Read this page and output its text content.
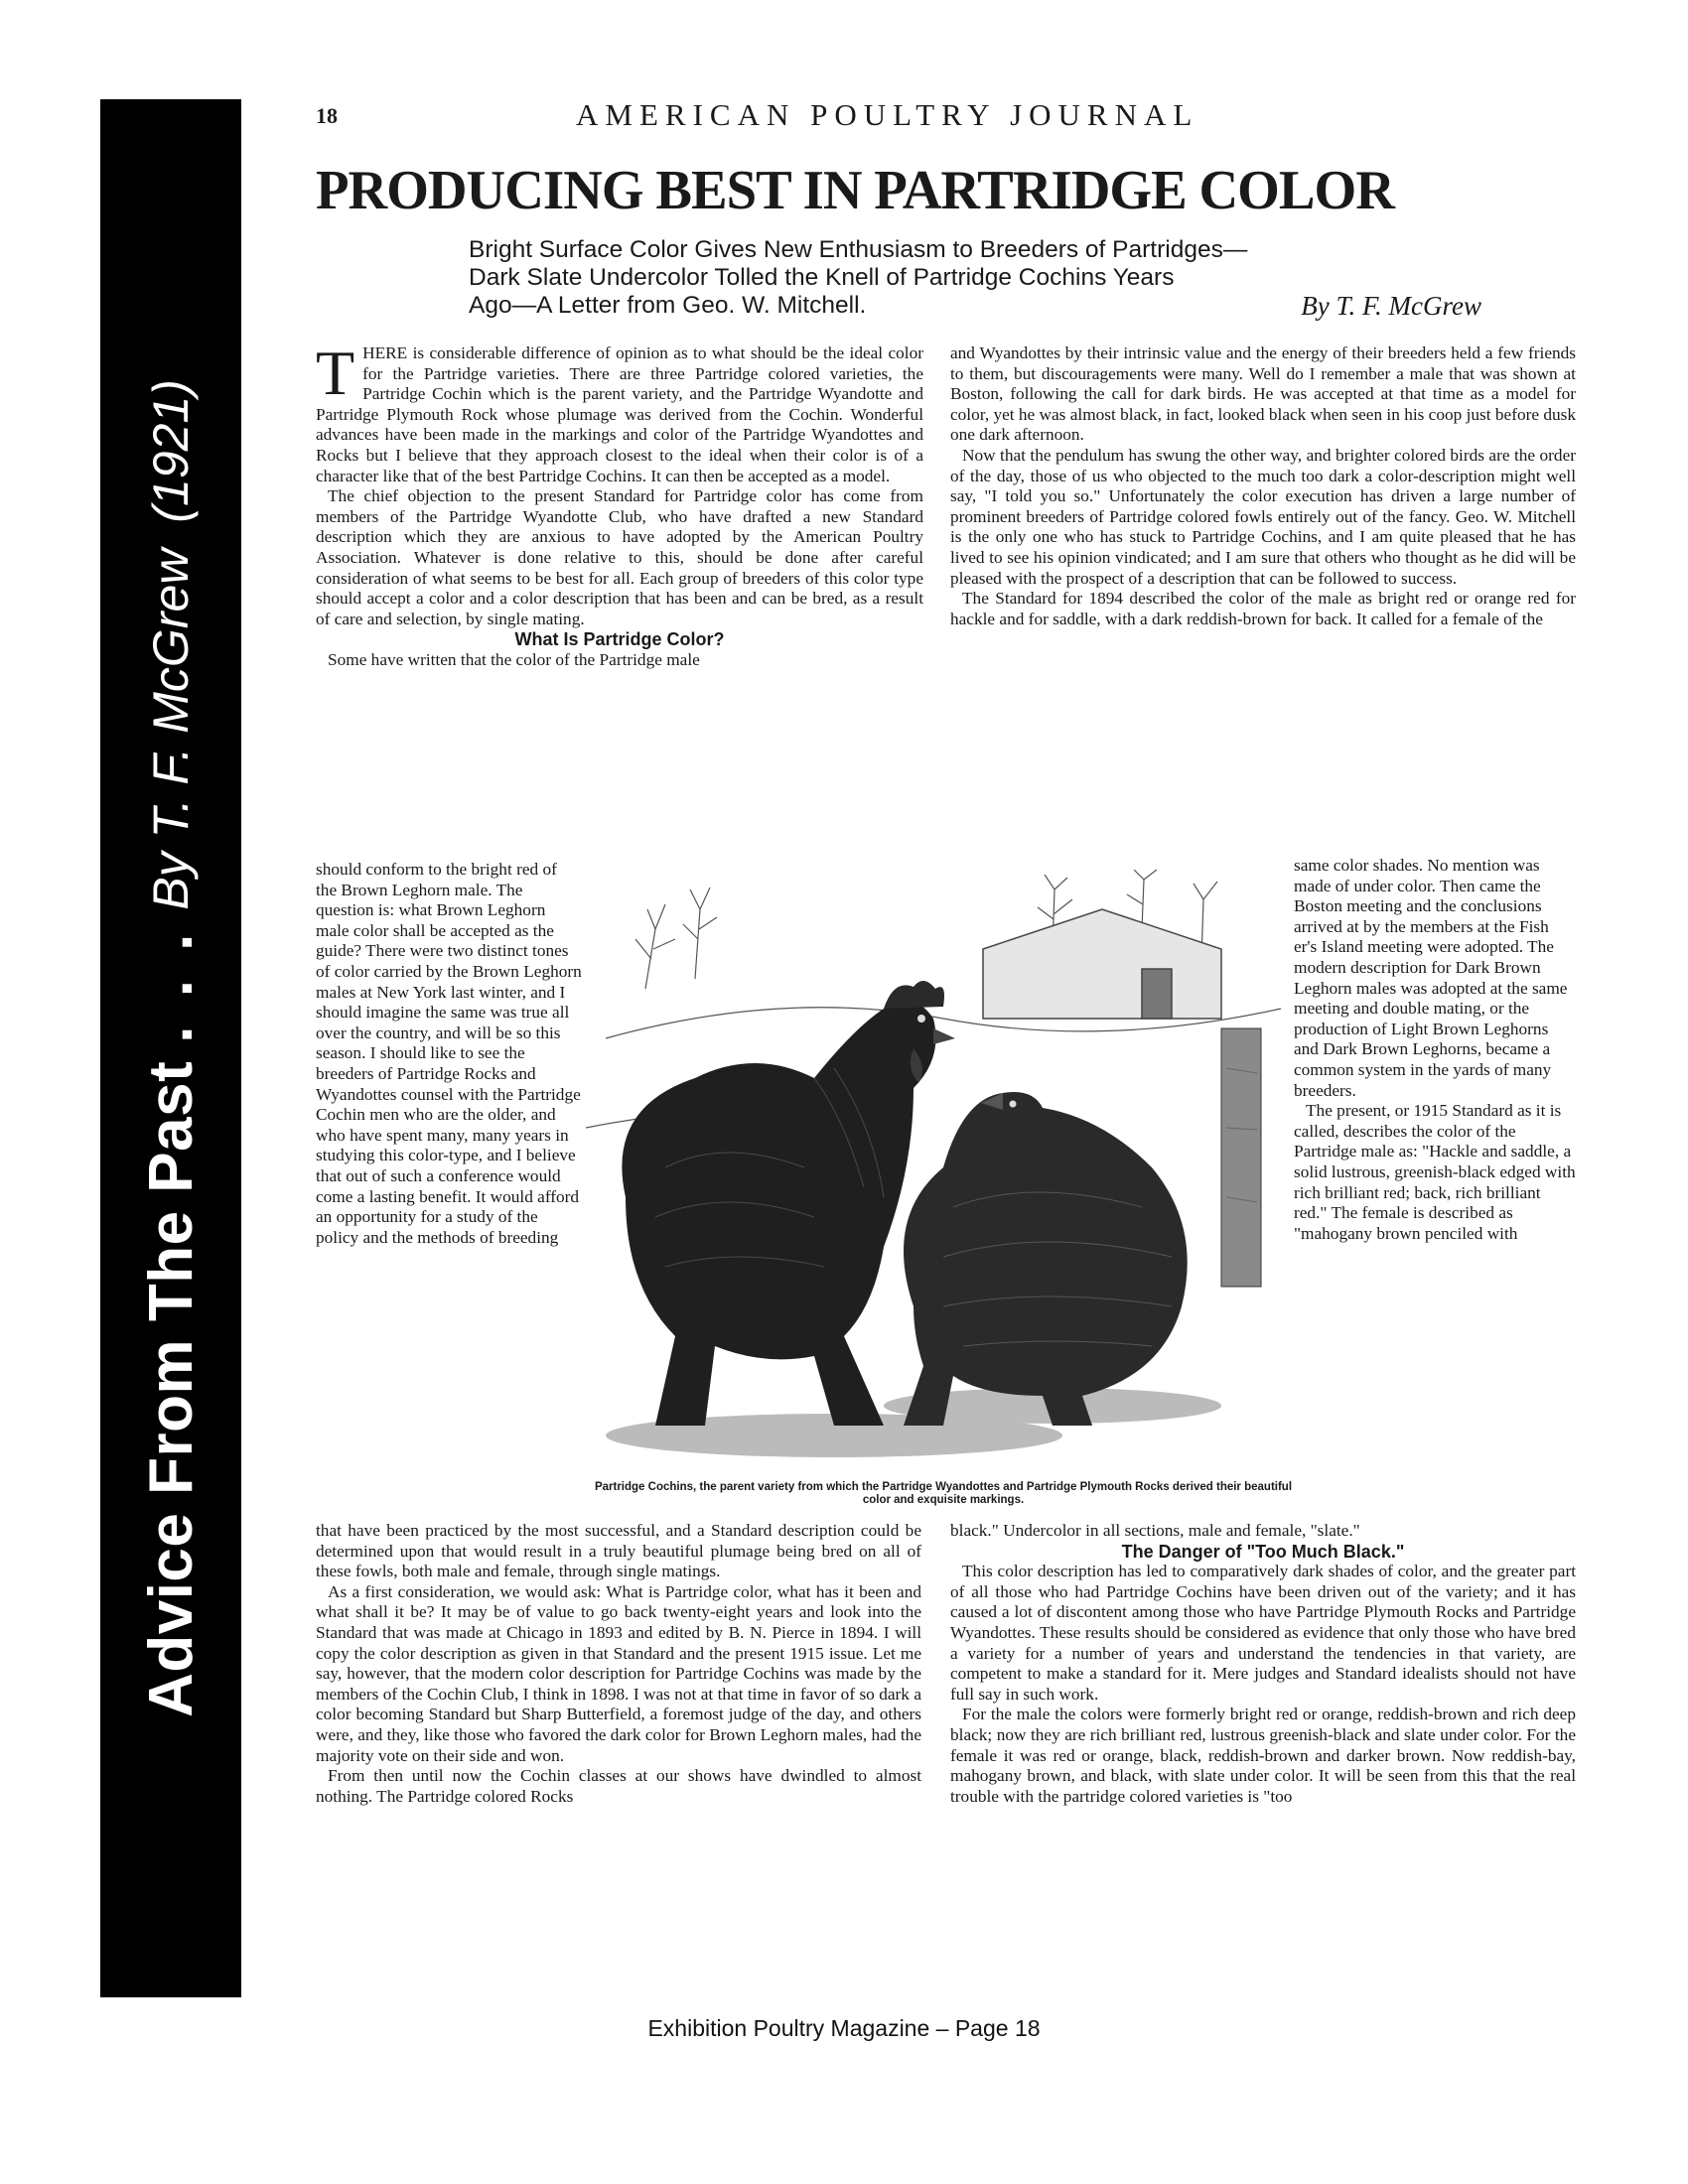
Advice From The Past
. . .
By T. F. McGrew
(1921)
18	AMERICAN POULTRY JOURNAL
PRODUCING BEST IN PARTRIDGE COLOR
Bright Surface Color Gives New Enthusiasm to Breeders of Partridges—
Dark Slate Undercolor Tolled the Knell of Partridge Cochins Years
Ago—A Letter from Geo. W. Mitchell.	By T. F. McGrew

THERE is considerable difference of opinion as to what should be the ideal color for the Partridge varieties. There are three Partridge colored varieties, the Partridge Cochin which is the parent variety, and the Partridge Wyandotte and Partridge Plymouth Rock whose plumage was derived from the Cochin. Wonderful advances have been made in the markings and color of the Partridge Wyandottes and Rocks but I believe that they approach closest to the ideal when their color is of a character like that of the best Partridge Cochins. It can then be accepted as a model.

The chief objection to the present Standard for Partridge color has come from members of the Partridge Wyandotte Club, who have drafted a new Standard description which they are anxious to have adopted by the American Poultry Association. Whatever is done relative to this, should be done after careful consideration of what seems to be best for all. Each group of breeders of this color type should accept a color and a color description that has been and can be bred, as a result of care and selection, by single mating.

What Is Partridge Color?

Some have written that the color of the Partridge male

and Wyandottes by their intrinsic value and the energy of their breeders held a few friends to them, but discouragements were many. Well do I remember a male that was shown at Boston, following the call for dark birds. He was accepted at that time as a model for color, yet he was almost black, in fact, looked black when seen in his coop just before dusk one dark afternoon.

Now that the pendulum has swung the other way, and brighter colored birds are the order of the day, those of us who objected to the much too dark a color-description might well say, "I told you so." Unfortunately the color execution has driven a large number of prominent breeders of Partridge colored fowls entirely out of the fancy. Geo. W. Mitchell is the only one who has stuck to Partridge Cochins, and I am quite pleased that he has lived to see his opinion vindicated; and I am sure that others who thought as he did will be pleased with the prospect of a description that can be followed to success.

The Standard for 1894 described the color of the male as bright red or orange red for hackle and for saddle, with a dark reddish-brown for back. It called for a female of the

should conform to the bright red of the Brown Leghorn male. The question is: what Brown Leghorn male color shall be accepted as the guide? There were two distinct tones of color carried by the Brown Leghorn males at New York last winter, and I should imagine the same was true all over the country, and will be so this season. I should like to see the breeders of Partridge Rocks and Wyandottes counsel with the Partridge Cochin men who are the older, and who have spent many, many years in studying this color-type, and I believe that out of such a conference would come a lasting benefit. It would afford an opportunity for a study of the policy and the methods of breeding

same color shades. No mention was made of under color. Then came the Boston meeting and the conclusions arrived at by the members at the Fish er's Island meeting were adopted. The modern description for Dark Brown Leghorn males was adopted at the same meeting and double mating, or the production of Light Brown Leghorns and Dark Brown Leghorns, became a common system in the yards of many breeders.

The present, or 1915 Standard as it is called, describes the color of the Partridge male as: "Hackle and saddle, a solid lustrous, greenish-black edged with rich brilliant red; back, rich brilliant red." The female is described as "mahogany brown penciled with

Partridge Cochins, the parent variety from which the Partridge Wyandottes and Partridge Plymouth Rocks derived their beautiful color and exquisite markings.

that have been practiced by the most successful, and a Standard description could be determined upon that would result in a truly beautiful plumage being bred on all of these fowls, both male and female, through single matings.

As a first consideration, we would ask: What is Partridge color, what has it been and what shall it be? It may be of value to go back twenty-eight years and look into the Standard that was made at Chicago in 1893 and edited by B. N. Pierce in 1894. I will copy the color description as given in that Standard and the present 1915 issue. Let me say, however, that the modern color description for Partridge Cochins was made by the members of the Cochin Club, I think in 1898. I was not at that time in favor of so dark a color becoming Standard but Sharp Butterfield, a foremost judge of the day, and others were, and they, like those who favored the dark color for Brown Leghorn males, had the majority vote on their side and won.

From then until now the Cochin classes at our shows have dwindled to almost nothing. The Partridge colored Rocks

black." Undercolor in all sections, male and female, "slate."

The Danger of "Too Much Black."

This color description has led to comparatively dark shades of color, and the greater part of all those who had Partridge Cochins have been driven out of the variety; and it has caused a lot of discontent among those who have Partridge Plymouth Rocks and Partridge Wyandottes. These results should be considered as evidence that only those who have bred a variety for a number of years and understand the tendencies in that variety, are competent to make a standard for it. Mere judges and Standard idealists should not have full say in such work.

For the male the colors were formerly bright red or orange, reddish-brown and rich deep black; now they are rich brilliant red, lustrous greenish-black and slate under color. For the female it was red or orange, black, reddish-brown and darker brown. Now reddish-bay, mahogany brown, and black, with slate under color. It will be seen from this that the real trouble with the partridge colored varieties is "too

Exhibition Poultry Magazine – Page 18
